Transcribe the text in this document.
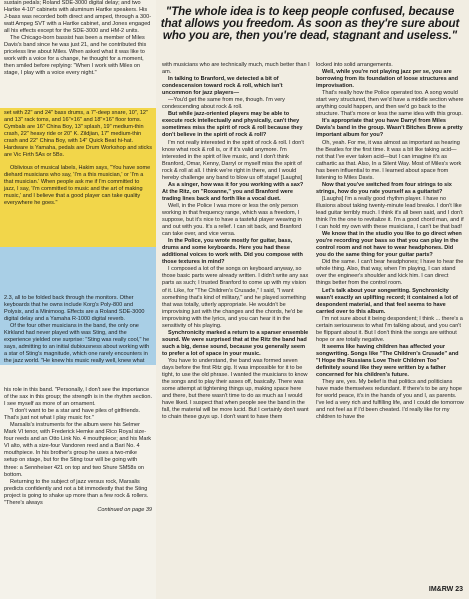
"The whole idea is to keep people confused, because that allows you freedom. As soon as they're sure about who you are, then you're dead, stagnant and useless."

sustain pedals; Roland SDE-3000 digital delay; and two Hartke 4-10" cabinets with aluminum Hartke speakers. His J-bass was recorded both direct and amped, through a 300-watt Ampeg SVT with a Hartke cabinet, and Jones engaged all his effects except for the SDE-3000 and HM-2 units.

The Chicago-born bassist has been a member of Miles Davis's band since he was just 21, and he contributed this priceless line about Miles. When asked what it was like to work with a voice for a change, he thought for a moment, then smiled before replying: "When I work with Miles on stage, I play with a voice every night."

set with 22" and 24" bass drums, a 7"-deep snare, 10", 12" and 13" rack toms, and 16"×16" and 18"×16" floor toms. Cymbals are 16" China Boy, 13" splash, 19" medium-thin crash, 22" heavy ride or 20" K. Zildjian, 17" medium-thin crash and 22" China Boy, with 14" Quick Beat hi-hat. Hardware is Yamaha, pedals are Drum Workshop and sticks are Vic Firth 5As or 5Bs.

Oblivious of musical labels, Hakim says, "You have some diehard musicians who say, 'I'm a this musician,' or 'I'm a that musician.' When people ask me if I'm committed to jazz, I say, 'I'm committed to music and the art of making music,' and I believe that a good player can take quality everywhere he goes."

2.3, all to be folded back through the monitors. Other keyboards that he owns include Korg's Poly-800 and Polysix, and a Minimoog. Effects are a Roland SDE-3000 digital delay and a Yamaha R-1000 digital reverb.

Of the four other musicians in the band, the only one Kirkland had never played with was Sting, and the experience yielded one surprise: "Sting was really cool," he says, admitting to an initial dubiousness about working with a star of Sting's magnitude, which one rarely encounters in the jazz world. "He knew his music really well, knew what

his role in this band. "Personally, I don't see the importance of the sax in this group; the strength is in the rhythm section. I see myself as more of an ornament.

"I don't want to be a star and have piles of girlfriends. That's just not what I play music for."

Marsalis's instruments for the album were his Selmer Mark VI tenor, with Frederick Hemke and Rico Royal size-four reeds and an Otto Link No. 4 mouthpiece; and his Mark VI alto, with a size-four Vandoren reed and a Bari No. 4 mouthpiece. In his brother's group he uses a two-mike setup on stage, but for the Sting tour will be going with three: a Sennheiser 421 on top and two Shure SM58s on bottom.

Returning to the subject of jazz versus rock, Marsalis predicts confidently and not a bit immodestly that the Sting project is going to shake up more than a few rock & rollers. "There's always

Continued on page 39

with musicians who are technically much, much better than I am.

In talking to Branford, we detected a bit of condescension toward rock & roll, which isn't uncommon for jazz players—

—You'd get the same from me, though. I'm very condescending about rock & roll.

But while jazz-oriented players may be able to execute rock intellectually and physically, can't they sometimes miss the spirit of rock & roll because they don't believe in the spirit of rock & roll?

I'm not really interested in the spirit of rock & roll. I don't know what rock & roll is, or if it's valid anymore. I'm interested in the spirit of live music, and I don't think Branford, Omar, Kenny, Darryl or myself miss the spirit of rock & roll at all. I think we're right in there, and I would hereby challenge any band to blow us off stage! [Laughs]

As a singer, how was it for you working with a sax? At the Ritz, on "Roxanne," you and Branford were trading lines back and forth like a vocal duet.

Well, in the Police I was more or less the only person working in that frequency range, which was a freedom, I suppose, but it's nice to have a tasteful player weaving in and out with you. It's a relief. I can sit back, and Branford can take over, and vice versa.

In the Police, you wrote mostly for guitar, bass, drums and some keyboards. Here you had these additional voices to work with. Did you compose with those textures in mind?

I composed a lot of the songs on keyboard anyway, so those basic parts were already written. I didn't write any sax parts as such; I trusted Branford to come up with my vision of it. Like, for "The Children's Crusade," I said, "I want something that's kind of military," and he played something that was totally, utterly appropriate. He wouldn't be improvising just with the changes and the chords, he'd be improvising with the lyrics, and you can hear it in the sensitivity of his playing.

Synchronicity marked a return to a sparser ensemble sound. We were surprised that at the Ritz the band had such a big, dense sound, because you generally seem to prefer a lot of space in your music.

You have to understand, the band was formed seven days before the first Ritz gig. It was impossible for it to be tight, to use the old phrase. I wanted the musicians to know the songs and to play their asses off, basically. There was some attempt at tightening things up, making space here and there, but there wasn't time to do as much as I would have liked. I suspect that when people see the band in the fall, the material will be more lucid. But I certainly don't want to chain these guys up. I don't want to have them

locked into solid arrangements.

Well, while you're not playing jazz per se, you are borrowing from its foundation of loose structures and improvisation.

That's really how the Police operated too. A song would start very structured, then we'd have a middle section where anything could happen, and then we'd go back to the structure. That's more or less the same idea with this group.

It's appropriate that you have Darryl from Miles Davis's band in the group. Wasn't Bitches Brew a pretty important album for you?

Oh, yeah. For me, it was almost as important as hearing the Beatles for the first time. It was a bit like taking acid—not that I've ever taken acid—but I can imagine it's as cathartic as that. Also, In a Silent Way. Most of Miles's work has been influential to me. I learned about space from listening to Miles Davis.

Now that you've switched from four strings to six strings, how do you rate yourself as a guitarist?

[Laughs] I'm a really good rhythm player. I have no illusions about taking twenty-minute lead breaks. I don't like lead guitar terribly much. I think it's all been said, and I don't think I'm the one to revitalize it. I'm a good chord man, and if I can hold my own with these musicians, I can't be that bad!

We know that in the studio you like to go direct when you're recording your bass so that you can play in the control room and not have to wear headphones. Did you do the same thing for your guitar parts?

Did the same. I can't bear headphones; I have to hear the whole thing. Also, that way, when I'm playing, I can stand over the engineer's shoulder and kick him. I can direct things better from the control room.

Let's talk about your songwriting. Synchronicity wasn't exactly an uplifting record; it contained a lot of despondent material, and that feel seems to have carried over to this album.

I'm not sure about it being despondent; I think ... there's a certain seriousness to what I'm talking about, and you can't be flippant about it. But I don't think the songs are without hope or are totally negative.

It seems like having children has affected your songwriting. Songs like "The Children's Crusade" and "I Hope the Russians Love Their Children Too" definitely sound like they were written by a father concerned for his children's future.

They are, yes. My belief is that politics and politicians have made themselves redundant. If there's to be any hope for world peace, it's in the hands of you and I, as parents. I've led a very rich and fulfilling life, and I could die tomorrow and not feel as if I'd been cheated. I'd really like for my children to have the

IM&RW 23
